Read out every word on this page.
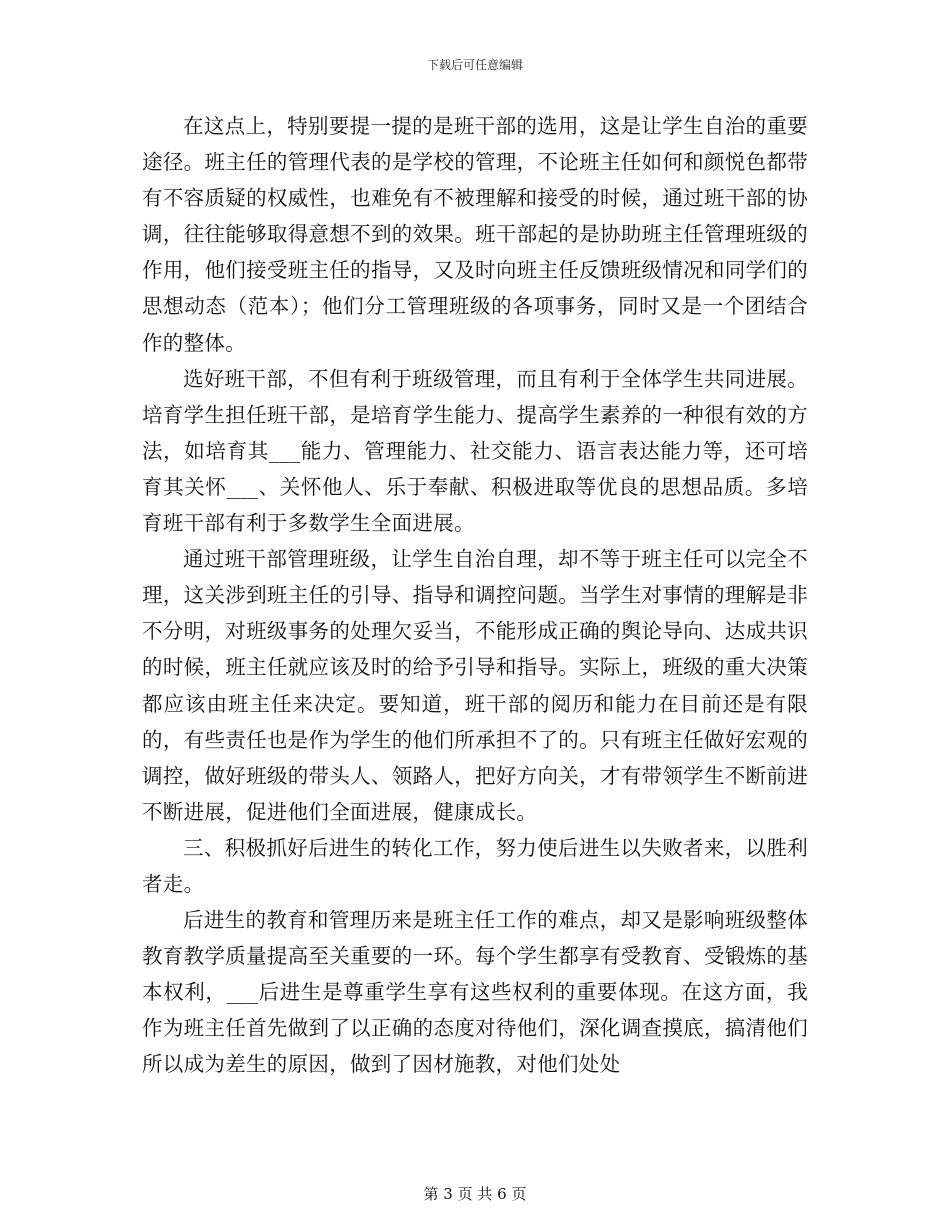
下载后可任意编辑

在这点上，特别要提一提的是班干部的选用，这是让学生自治的重要途径。班主任的管理代表的是学校的管理，不论班主任如何和颜悦色都带有不容质疑的权威性，也难免有不被理解和接受的时候，通过班干部的协调，往往能够取得意想不到的效果。班干部起的是协助班主任管理班级的作用，他们接受班主任的指导，又及时向班主任反馈班级情况和同学们的思想动态（范本）；他们分工管理班级的各项事务，同时又是一个团结合作的整体。

选好班干部，不但有利于班级管理，而且有利于全体学生共同进展。培育学生担任班干部，是培育学生能力、提高学生素养的一种很有效的方法，如培育其___能力、管理能力、社交能力、语言表达能力等，还可培育其关怀___、关怀他人、乐于奉献、积极进取等优良的思想品质。多培育班干部有利于多数学生全面进展。

通过班干部管理班级，让学生自治自理，却不等于班主任可以完全不理，这关涉到班主任的引导、指导和调控问题。当学生对事情的理解是非不分明，对班级事务的处理欠妥当，不能形成正确的舆论导向、达成共识的时候，班主任就应该及时的给予引导和指导。实际上，班级的重大决策都应该由班主任来决定。要知道，班干部的阅历和能力在目前还是有限的，有些责任也是作为学生的他们所承担不了的。只有班主任做好宏观的调控，做好班级的带头人、领路人，把好方向关，才有带领学生不断前进不断进展，促进他们全面进展，健康成长。

三、积极抓好后进生的转化工作，努力使后进生以失败者来，以胜利者走。

后进生的教育和管理历来是班主任工作的难点，却又是影响班级整体教育教学质量提高至关重要的一环。每个学生都享有受教育、受锻炼的基本权利，___后进生是尊重学生享有这些权利的重要体现。在这方面，我作为班主任首先做到了以正确的态度对待他们，深化调查摸底，搞清他们所以成为差生的原因，做到了因材施教，对他们处处

第 3 页 共 6 页
